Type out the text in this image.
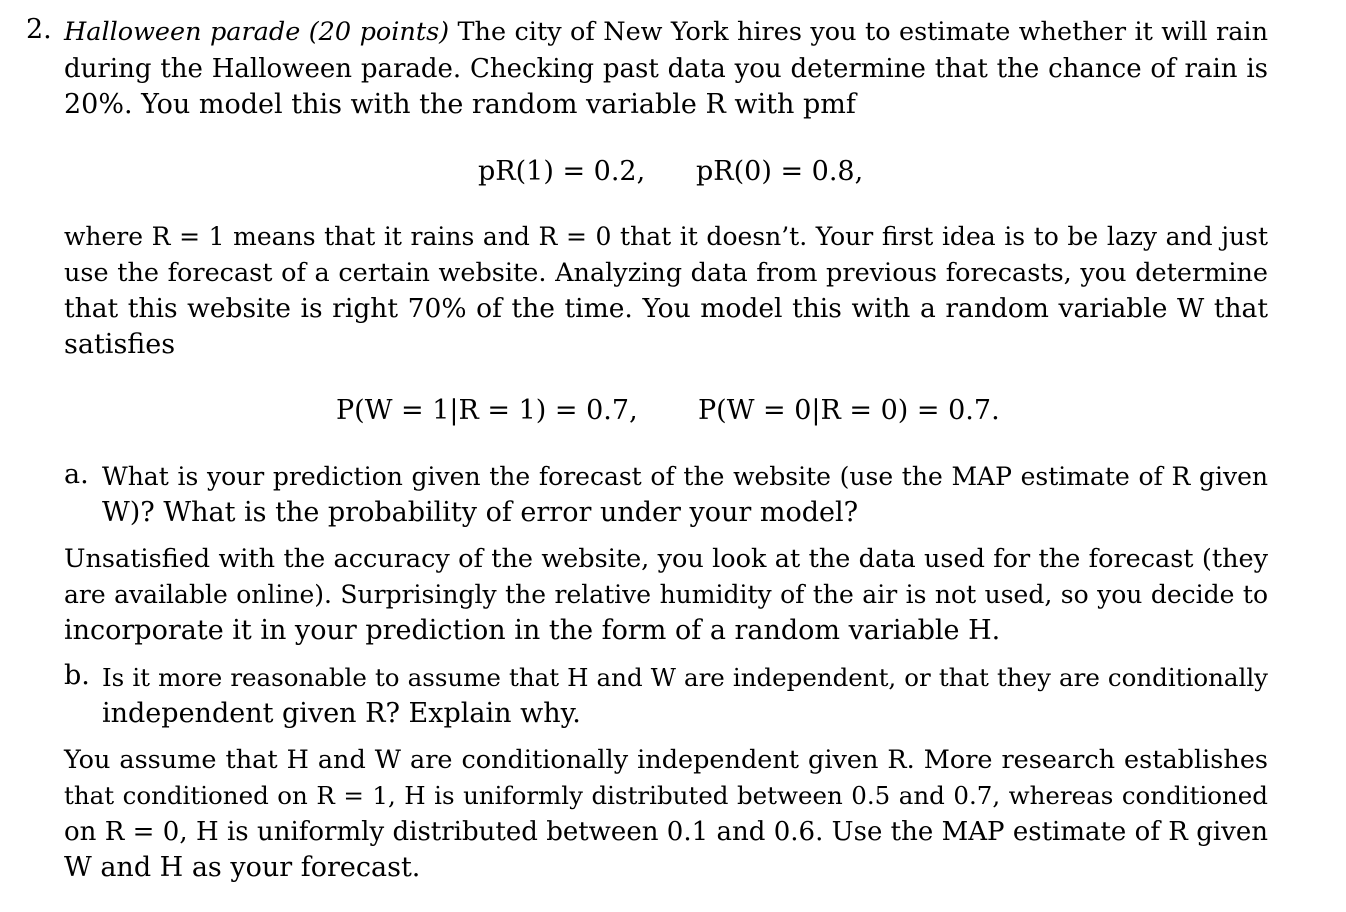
2. Halloween parade (20 points) The city of New York hires you to estimate whether it will rain
during the Halloween parade. Checking past data you determine that the chance of rain is
20%. You model this with the random variable R with pmf
pR(1) = 0.2, pR(0) = 0.8,
where R = 1 means that it rains and R = 0 that it doesn’t. Your first idea is to be lazy and just
use the forecast of a certain website. Analyzing data from previous forecasts, you determine
that this website is right 70% of the time. You model this with a random variable W that
satisfies
P(W = 1|R = 1) = 0.7, P(W = 0|R = 0) = 0.7.
a. What is your prediction given the forecast of the website (use the MAP estimate of R given
W)? What is the probability of error under your model?
Unsatisfied with the accuracy of the website, you look at the data used for the forecast (they
are available online). Surprisingly the relative humidity of the air is not used, so you decide to
incorporate it in your prediction in the form of a random variable H.
b. Is it more reasonable to assume that H and W are independent, or that they are conditionally
independent given R? Explain why.
You assume that H and W are conditionally independent given R. More research establishes
that conditioned on R = 1, H is uniformly distributed between 0.5 and 0.7, whereas conditioned
on R = 0, H is uniformly distributed between 0.1 and 0.6. Use the MAP estimate of R given
W and H as your forecast.
